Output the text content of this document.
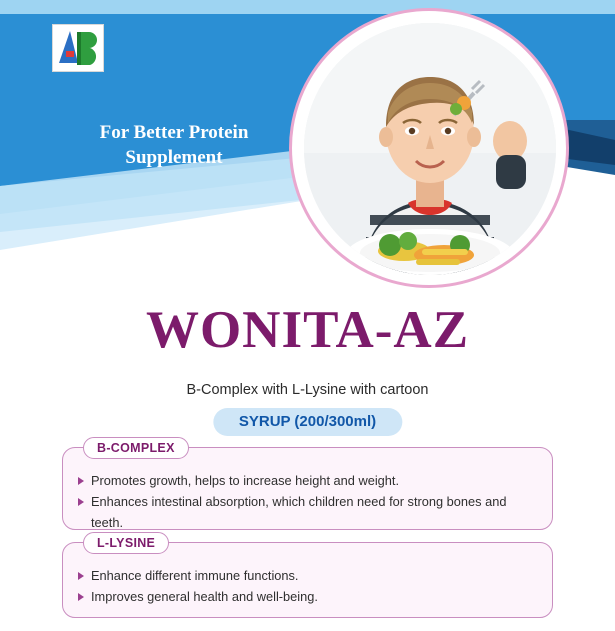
For Better Protein Supplement
WONITA-AZ
B-Complex with L-Lysine with cartoon
SYRUP (200/300ml)
B-COMPLEX
Promotes growth, helps to increase height and weight.
Enhances intestinal absorption, which children need for strong bones and teeth.
L-LYSINE
Enhance different immune functions.
Improves general health and well-being.
